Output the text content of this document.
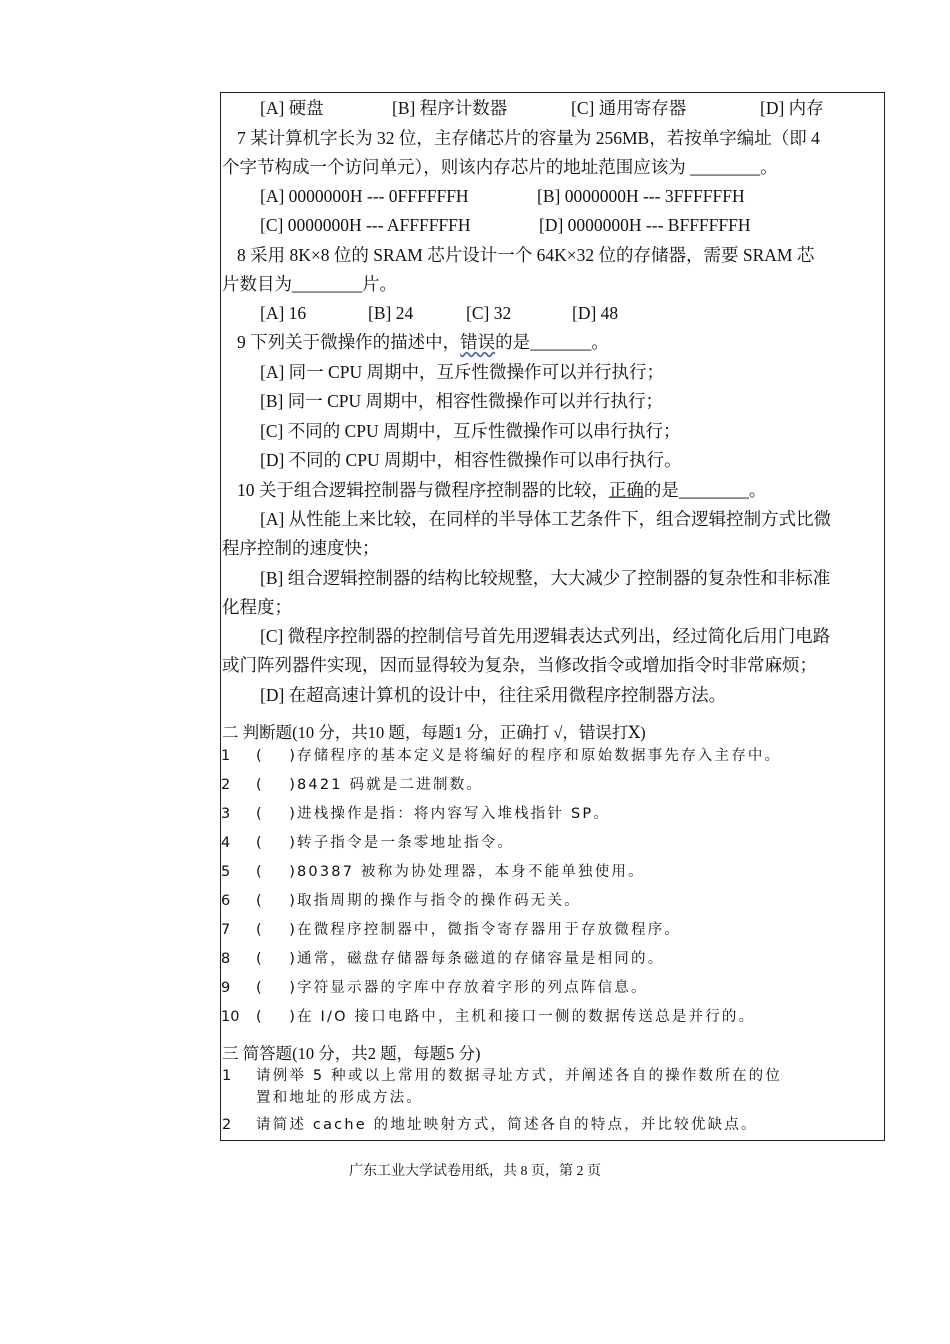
[A] 硬盘	[B] 程序计数器	[C] 通用寄存器	[D] 内存
7 某计算机字长为 32 位，主存储芯片的容量为 256MB，若按单字编址（即 4
个字节构成一个访问单元），则该内存芯片的地址范围应该为 ________。
[A] 0000000H --- 0FFFFFFH	[B] 0000000H --- 3FFFFFFH
[C] 0000000H --- AFFFFFFH	[D] 0000000H --- BFFFFFFH
8 采用 8K×8 位的 SRAM 芯片设计一个 64K×32 位的存储器，需要 SRAM 芯
片数目为________片。
[A] 16	[B] 24	[C] 32	[D] 48
9 下列关于微操作的描述中，错误的是_______。
[A] 同一 CPU 周期中，互斥性微操作可以并行执行；
[B] 同一 CPU 周期中，相容性微操作可以并行执行；
[C] 不同的 CPU 周期中，互斥性微操作可以串行执行；
[D] 不同的 CPU 周期中，相容性微操作可以串行执行。
10 关于组合逻辑控制器与微程序控制器的比较，正确的是________。
[A] 从性能上来比较，在同样的半导体工艺条件下，组合逻辑控制方式比微
程序控制的速度快；
[B] 组合逻辑控制器的结构比较规整，大大减少了控制器的复杂性和非标准
化程度；
[C] 微程序控制器的控制信号首先用逻辑表达式列出，经过简化后用门电路
或门阵列器件实现，因而显得较为复杂，当修改指令或增加指令时非常麻烦；
[D] 在超高速计算机的设计中，往往采用微程序控制器方法。
二 判断题(10 分，共10 题，每题1 分，正确打 √，错误打Ⅹ)
1 (      ) 存储程序的基本定义是将编好的程序和原始数据事先存入主存中。
2 (      ) 8421 码就是二进制数。
3 (      ) 进栈操作是指：将内容写入堆栈指针 SP。
4 (      ) 转子指令是一条零地址指令。
5 (      ) 80387 被称为协处理器，本身不能单独使用。
6 (      ) 取指周期的操作与指令的操作码无关。
7 (      ) 在微程序控制器中，微指令寄存器用于存放微程序。
8 (      ) 通常，磁盘存储器每条磁道的存储容量是相同的。
9 (      ) 字符显示器的字库中存放着字形的列点阵信息。
10 (      ) 在 I/O 接口电路中，主机和接口一侧的数据传送总是并行的。
三 简答题(10 分，共2 题，每题5 分)
1 请例举 5 种或以上常用的数据寻址方式，并阐述各自的操作数所在的位
置和地址的形成方法。
2 请简述 cache 的地址映射方式，简述各自的特点，并比较优缺点。
广东工业大学试卷用纸，共 8 页，第 2 页
